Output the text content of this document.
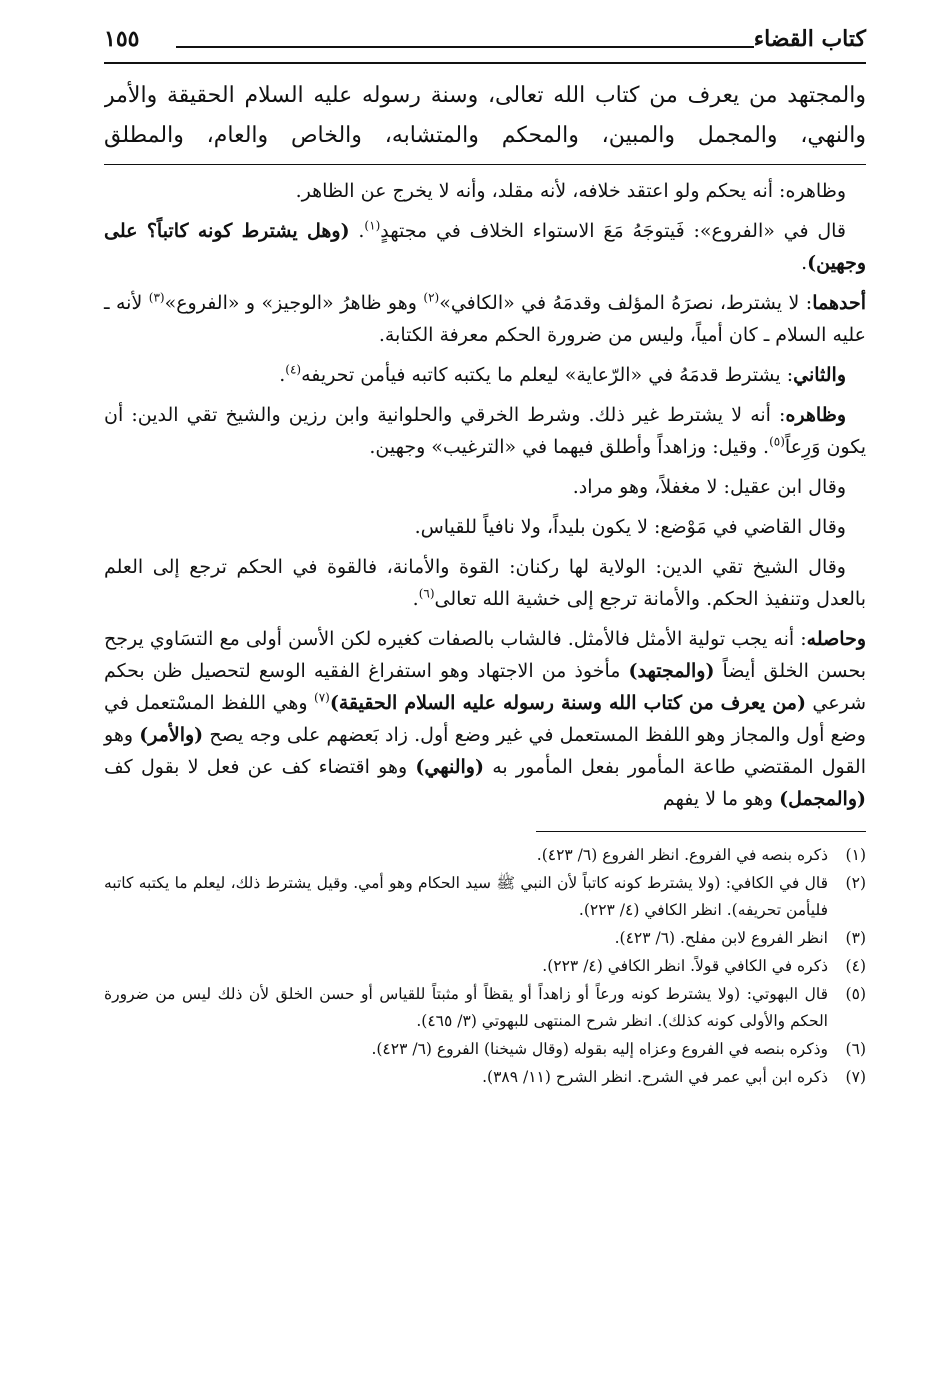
كتاب القضاء
١٥٥
والمجتهد من يعرف من كتاب الله تعالى، وسنة رسوله عليه السلام الحقيقة والأمر
والنهي، والمجمل والمبين، والمحكم والمتشابه، والخاص والعام، والمطلق

وظاهره: أنه يحكم ولو اعتقد خلافه، لأنه مقلد، وأنه لا يخرج عن الظاهر.

قال في «الفروع»: فَيتوجَهُ مَعَ الاستواء الخلاف في مجتهدٍ$^{(١)}$. (وهل يشترط كونه كاتباً؟ على وجهين).

أحدهما: لا يشترط، نصرَهُ المؤلف وقدمَهُ في «الكافي»$^{(٢)}$ وهو ظاهرُ «الوجيز» و «الفروع»$^{(٣)}$ لأنه ـ عليه السلام ـ كان أمياً، وليس من ضرورة الحكم معرفة الكتابة.

والثاني: يشترط قدمَهُ في «الرّعاية» ليعلم ما يكتبه كاتبه فيأمن تحريفه$^{(٤)}$.

وظاهره: أنه لا يشترط غير ذلك. وشرط الخرقي والحلوانية وابن رزين والشيخ تقي الدين: أن يكون وَرِعاً$^{(٥)}$. وقيل: وزاهداً وأطلق فيهما في «الترغيب» وجهين.

وقال ابن عقيل: لا مغفلاً، وهو مراد.

وقال القاضي في مَوْضع: لا يكون بليداً، ولا نافياً للقياس.

وقال الشيخ تقي الدين: الولاية لها ركنان: القوة والأمانة، فالقوة في الحكم ترجع إلى العلم بالعدل وتنفيذ الحكم. والأمانة ترجع إلى خشية الله تعالى$^{(٦)}$.

وحاصله: أنه يجب تولية الأمثل فالأمثل. فالشاب بالصفات كغيره لكن الأسن أولى مع التسَاوي يرجح بحسن الخلق أيضاً (والمجتهد) مأخوذ من الاجتهاد وهو استفراغ الفقيه الوسع لتحصيل ظن بحكم شرعي (من يعرف من كتاب الله وسنة رسوله عليه السلام الحقيقة)$^{(٧)}$ وهي اللفظ المسْتعمل في وضع أول والمجاز وهو اللفظ المستعمل في غير وضع أول. زاد بَعضهم على وجه يصح (والأمر) وهو القول المقتضي طاعة المأمور بفعل المأمور به (والنهي) وهو اقتضاء كف عن فعل لا بقول كف (والمجمل) وهو ما لا يفهم

(١)
ذكره بنصه في الفروع. انظر الفروع (٦/ ٤٢٣).
(٢)
قال في الكافي: (ولا يشترط كونه كاتباً لأن النبي ﷺ سيد الحكام وهو أمي. وقيل يشترط ذلك، ليعلم ما يكتبه كاتبه فليأمن تحريفه). انظر الكافي (٤/ ٢٢٣).
(٣)
انظر الفروع لابن مفلح. (٦/ ٤٢٣).
(٤)
ذكره في الكافي قولاً. انظر الكافي (٤/ ٢٢٣).
(٥)
قال البهوتي: (ولا يشترط كونه ورعاً أو زاهداً أو يقظاً أو مثبتاً للقياس أو حسن الخلق لأن ذلك ليس من ضرورة الحكم والأولى كونه كذلك). انظر شرح المنتهى للبهوتي (٣/ ٤٦٥).
(٦)
وذكره بنصه في الفروع وعزاه إليه بقوله (وقال شيخنا) الفروع (٦/ ٤٢٣).
(٧)
ذكره ابن أبي عمر في الشرح. انظر الشرح (١١/ ٣٨٩).
